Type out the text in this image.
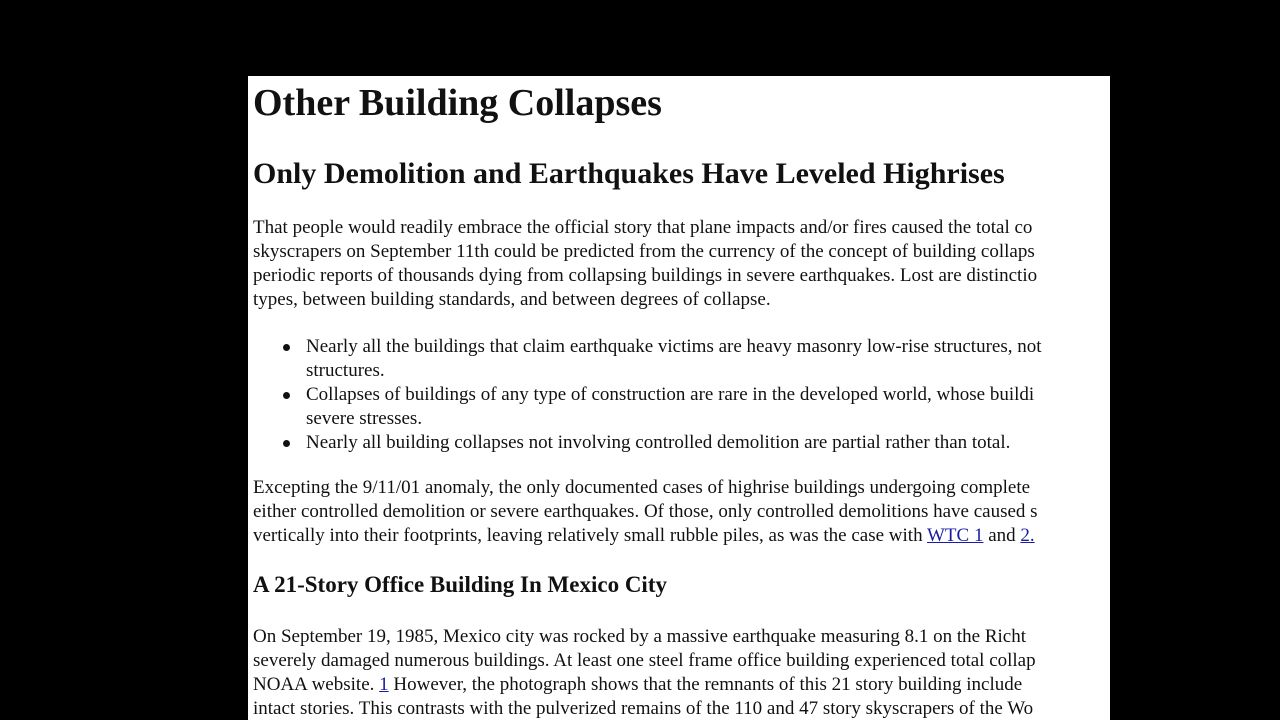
Other Building Collapses
Only Demolition and Earthquakes Have Leveled Highrises
That people would readily embrace the official story that plane impacts and/or fires caused the total co
skyscrapers on September 11th could be predicted from the currency of the concept of building collaps
periodic reports of thousands dying from collapsing buildings in severe earthquakes. Lost are distinctio
types, between building standards, and between degrees of collapse.
Nearly all the buildings that claim earthquake victims are heavy masonry low-rise structures, not
structures.
Collapses of buildings of any type of construction are rare in the developed world, whose buildi
severe stresses.
Nearly all building collapses not involving controlled demolition are partial rather than total.
Excepting the 9/11/01 anomaly, the only documented cases of highrise buildings undergoing complete
either controlled demolition or severe earthquakes. Of those, only controlled demolitions have caused s
vertically into their footprints, leaving relatively small rubble piles, as was the case with WTC 1 and 2.
A 21-Story Office Building In Mexico City
On September 19, 1985, Mexico city was rocked by a massive earthquake measuring 8.1 on the Richt
severely damaged numerous buildings. At least one steel frame office building experienced total collap
NOAA website. 1 However, the photograph shows that the remnants of this 21 story building include
intact stories. This contrasts with the pulverized remains of the 110 and 47 story skyscrapers of the Wo
